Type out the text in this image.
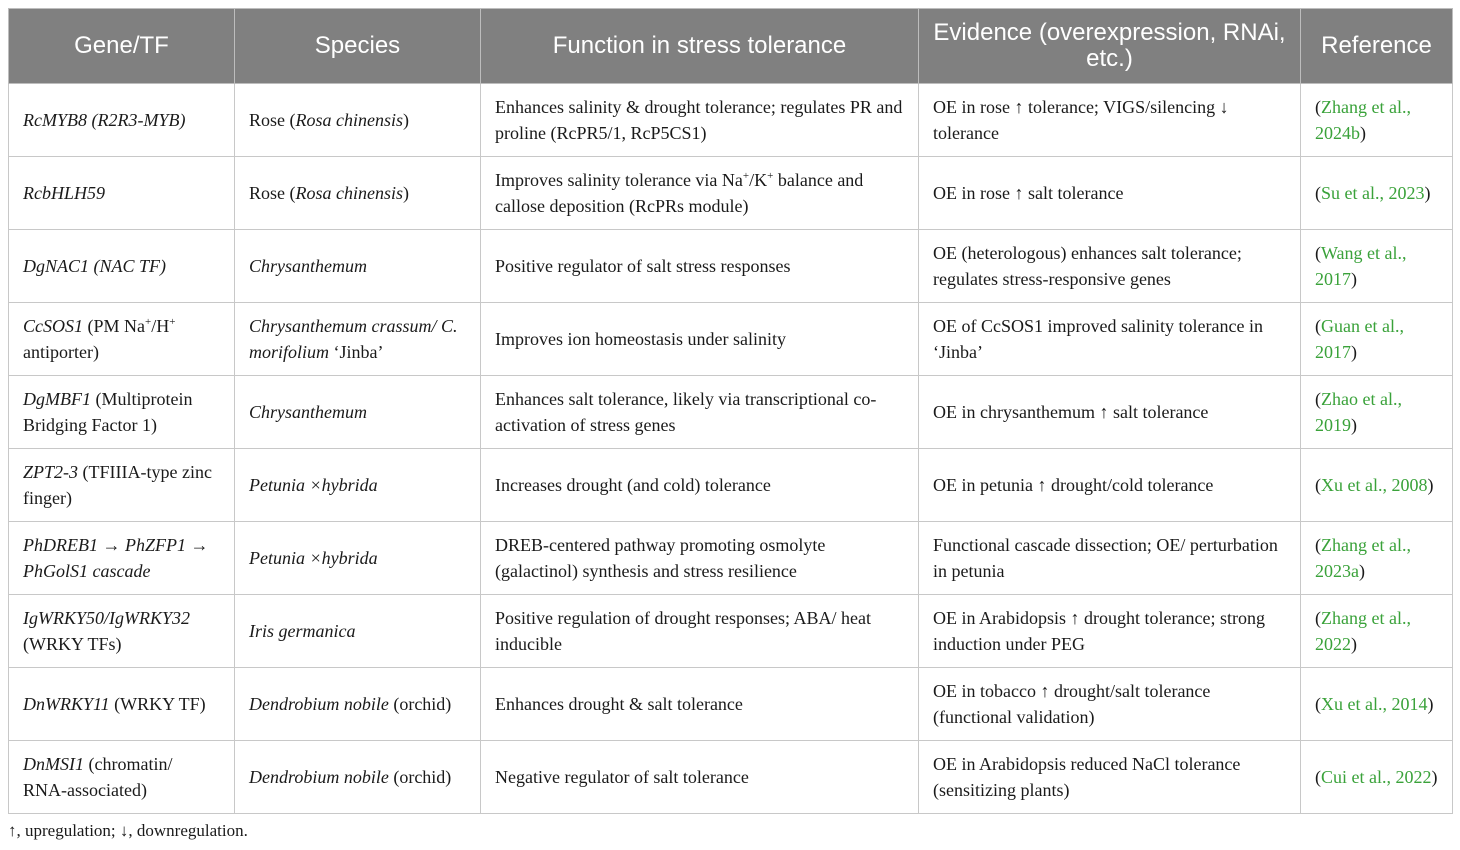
Gene/TF	Species	Function in stress tolerance	Evidence (overexpression, RNAi, etc.)	Reference
RcMYB8 (R2R3-MYB)	Rose (Rosa chinensis)	Enhances salinity & drought tolerance; regulates PR and proline (RcPR5/1, RcP5CS1)	OE in rose ↑ tolerance; VIGS/silencing ↓ tolerance	(Zhang et al., 2024b)
RcbHLH59	Rose (Rosa chinensis)	Improves salinity tolerance via Na+/K+ balance and callose deposition (RcPRs module)	OE in rose ↑ salt tolerance	(Su et al., 2023)
DgNAC1 (NAC TF)	Chrysanthemum	Positive regulator of salt stress responses	OE (heterologous) enhances salt tolerance; regulates stress-responsive genes	(Wang et al., 2017)
CcSOS1 (PM Na+/H+ antiporter)	Chrysanthemum crassum/ C. morifolium ‘Jinba’	Improves ion homeostasis under salinity	OE of CcSOS1 improved salinity tolerance in ‘Jinba’	(Guan et al., 2017)
DgMBF1 (Multiprotein Bridging Factor 1)	Chrysanthemum	Enhances salt tolerance, likely via transcriptional co-activation of stress genes	OE in chrysanthemum ↑ salt tolerance	(Zhao et al., 2019)
ZPT2-3 (TFIIIA-type zinc finger)	Petunia ×hybrida	Increases drought (and cold) tolerance	OE in petunia ↑ drought/cold tolerance	(Xu et al., 2008)
PhDREB1 → PhZFP1 → PhGolS1 cascade	Petunia ×hybrida	DREB-centered pathway promoting osmolyte (galactinol) synthesis and stress resilience	Functional cascade dissection; OE/ perturbation in petunia	(Zhang et al., 2023a)
IgWRKY50/IgWRKY32 (WRKY TFs)	Iris germanica	Positive regulation of drought responses; ABA/ heat inducible	OE in Arabidopsis ↑ drought tolerance; strong induction under PEG	(Zhang et al., 2022)
DnWRKY11 (WRKY TF)	Dendrobium nobile (orchid)	Enhances drought & salt tolerance	OE in tobacco ↑ drought/salt tolerance (functional validation)	(Xu et al., 2014)
DnMSI1 (chromatin/ RNA-associated)	Dendrobium nobile (orchid)	Negative regulator of salt tolerance	OE in Arabidopsis reduced NaCl tolerance (sensitizing plants)	(Cui et al., 2022)
↑, upregulation; ↓, downregulation.
